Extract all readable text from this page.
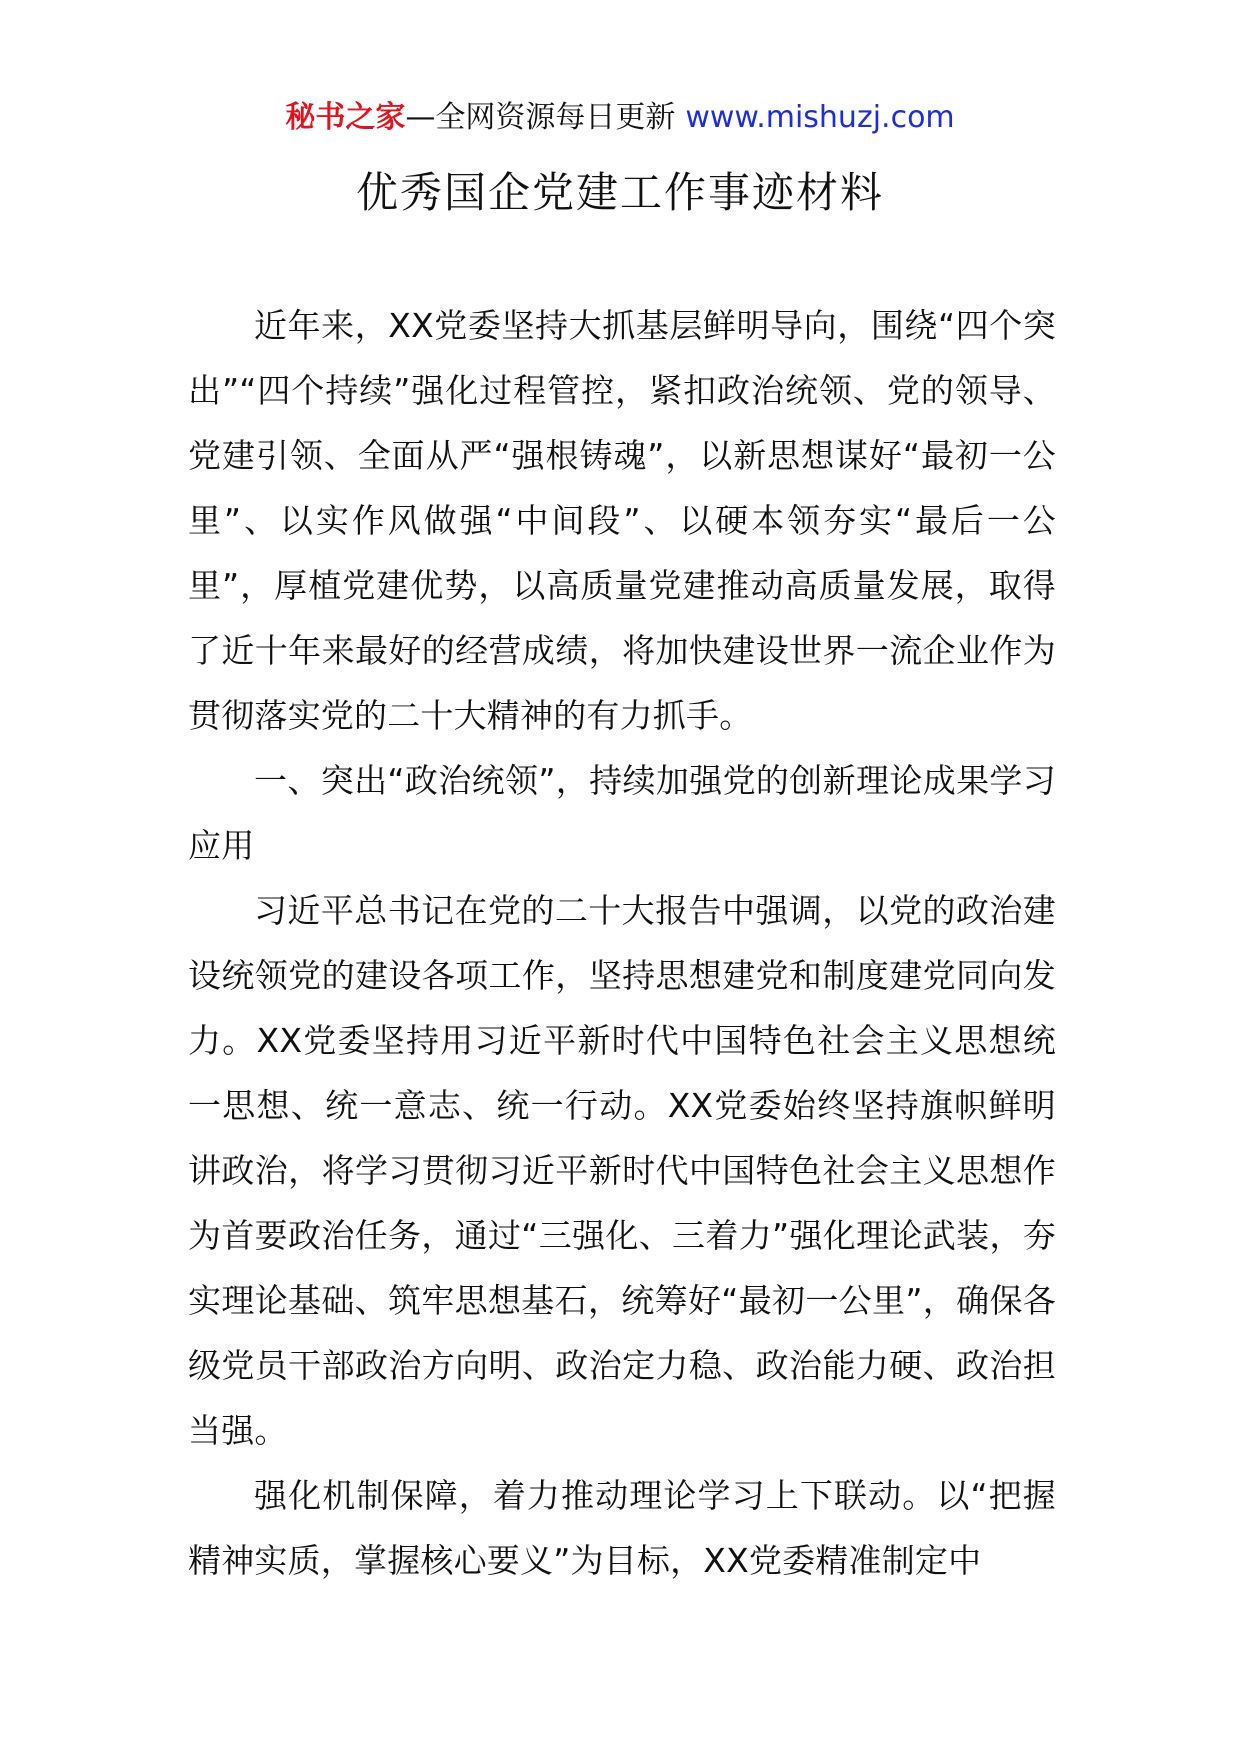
秘书之家—全网资源每日更新 www.mishuzj.com
优秀国企党建工作事迹材料

近年来，XX党委坚持大抓基层鲜明导向，围绕“四个突出”“四个持续”强化过程管控，紧扣政治统领、党的领导、党建引领、全面从严“强根铸魂”，以新思想谋好“最初一公里”、以实作风做强“中间段”、以硬本领夯实“最后一公里”，厚植党建优势，以高质量党建推动高质量发展，取得了近十年来最好的经营成绩，将加快建设世界一流企业作为贯彻落实党的二十大精神的有力抓手。

一、突出“政治统领”，持续加强党的创新理论成果学习应用

习近平总书记在党的二十大报告中强调，以党的政治建设统领党的建设各项工作，坚持思想建党和制度建党同向发力。XX党委坚持用习近平新时代中国特色社会主义思想统一思想、统一意志、统一行动。XX党委始终坚持旗帜鲜明讲政治，将学习贯彻习近平新时代中国特色社会主义思想作为首要政治任务，通过“三强化、三着力”强化理论武装，夯实理论基础、筑牢思想基石，统筹好“最初一公里”，确保各级党员干部政治方向明、政治定力稳、政治能力硬、政治担当强。

强化机制保障，着力推动理论学习上下联动。以“把握精神实质，掌握核心要义”为目标，XX党委精准制定中
